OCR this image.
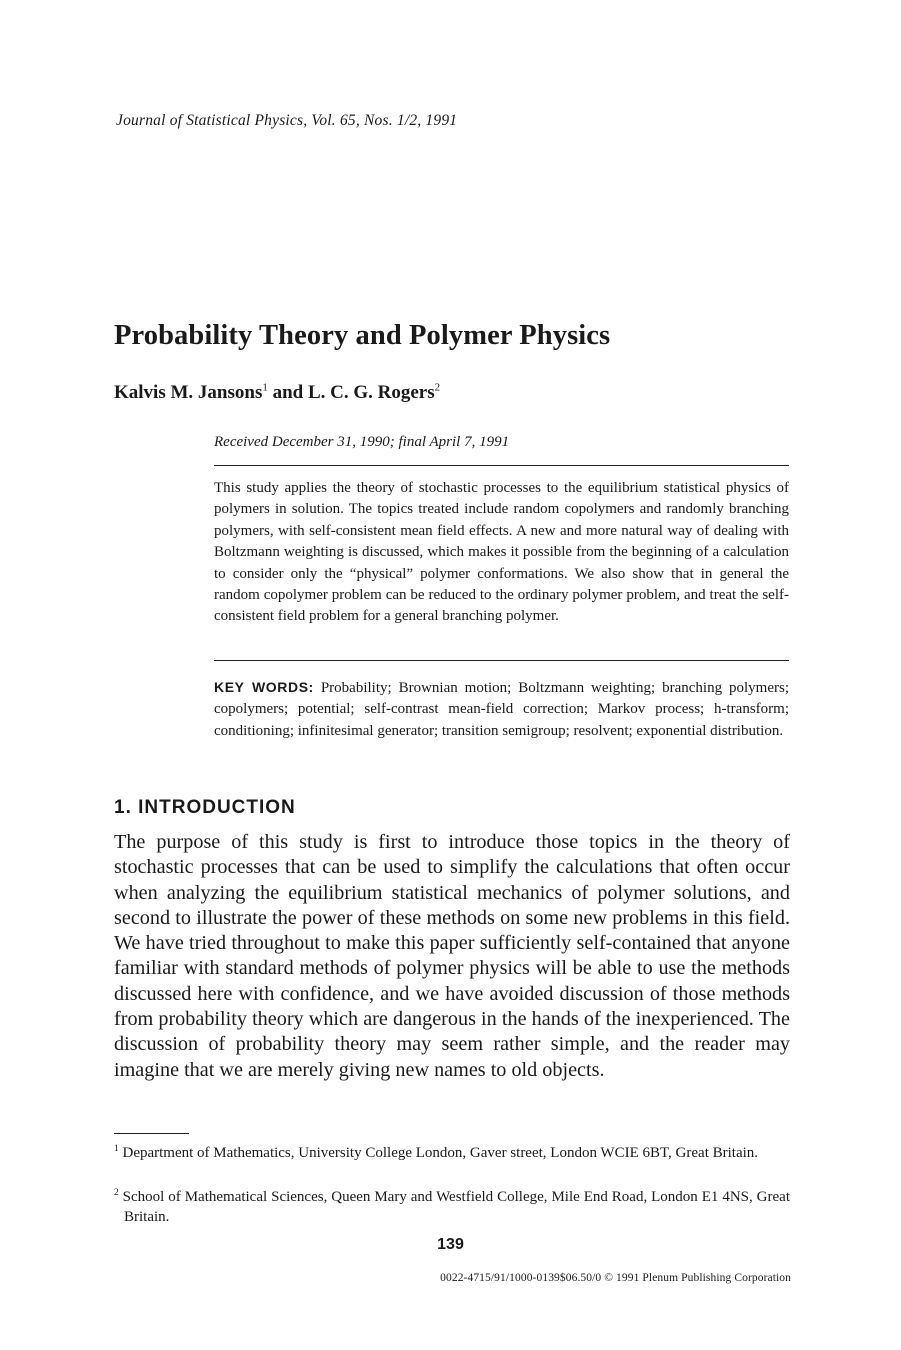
Journal of Statistical Physics, Vol. 65, Nos. 1/2, 1991
Probability Theory and Polymer Physics
Kalvis M. Jansons$^1$ and L. C. G. Rogers$^2$
Received December 31, 1990; final April 7, 1991

This study applies the theory of stochastic processes to the equilibrium statistical physics of polymers in solution. The topics treated include random copolymers and randomly branching polymers, with self-consistent mean field effects. A new and more natural way of dealing with Boltzmann weighting is discussed, which makes it possible from the beginning of a calculation to consider only the “physical” polymer conformations. We also show that in general the random copolymer problem can be reduced to the ordinary polymer problem, and treat the self-consistent field problem for a general branching polymer.

KEY WORDS: Probability; Brownian motion; Boltzmann weighting; branching polymers; copolymers; potential; self-contrast mean-field correction; Markov process; h-transform; conditioning; infinitesimal generator; transition semigroup; resolvent; exponential distribution.

1. INTRODUCTION

The purpose of this study is first to introduce those topics in the theory of stochastic processes that can be used to simplify the calculations that often occur when analyzing the equilibrium statistical mechanics of polymer solutions, and second to illustrate the power of these methods on some new problems in this field. We have tried throughout to make this paper sufficiently self-contained that anyone familiar with standard methods of polymer physics will be able to use the methods discussed here with confidence, and we have avoided discussion of those methods from probability theory which are dangerous in the hands of the inexperienced. The discussion of probability theory may seem rather simple, and the reader may imagine that we are merely giving new names to old objects.

$^1$ Department of Mathematics, University College London, Gaver street, London WCIE 6BT, Great Britain.

$^2$ School of Mathematical Sciences, Queen Mary and Westfield College, Mile End Road, London E1 4NS, Great Britain.

139
0022-4715/91/1000-0139$06.50/0 © 1991 Plenum Publishing Corporation
